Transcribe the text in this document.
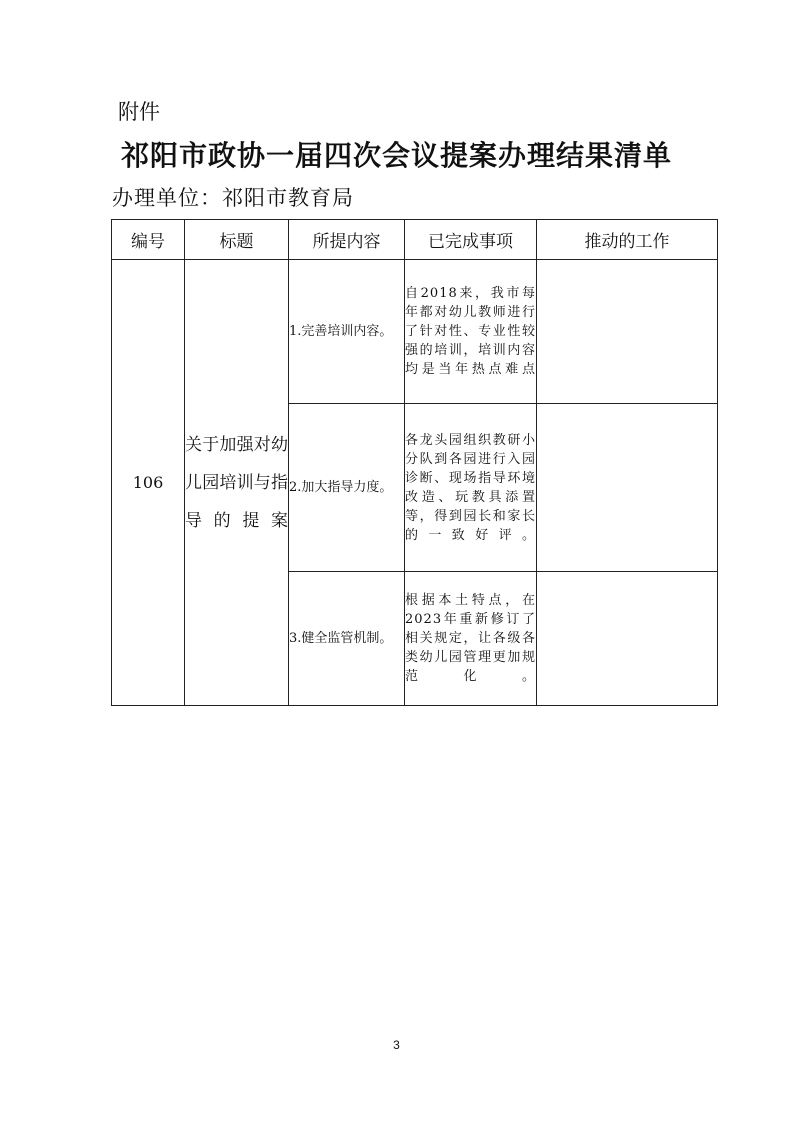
附件
祁阳市政协一届四次会议提案办理结果清单
办理单位：祁阳市教育局
编号	标题	所提内容	已完成事项	推动的工作
106	关于加强对幼儿园培训与指导的提案	1.完善培训内容。	自2018来，我市每年都对幼儿教师进行了针对性、专业性较强的培训，培训内容均是当年热点难点	

		2.加大指导力度。	各龙头园组织教研小分队到各园进行入园诊断、现场指导环境改造、玩教具添置等，得到园长和家长的一致好评。	

		3.健全监管机制。	根据本土特点，在2023年重新修订了相关规定，让各级各类幼儿园管理更加规范化。	

3
